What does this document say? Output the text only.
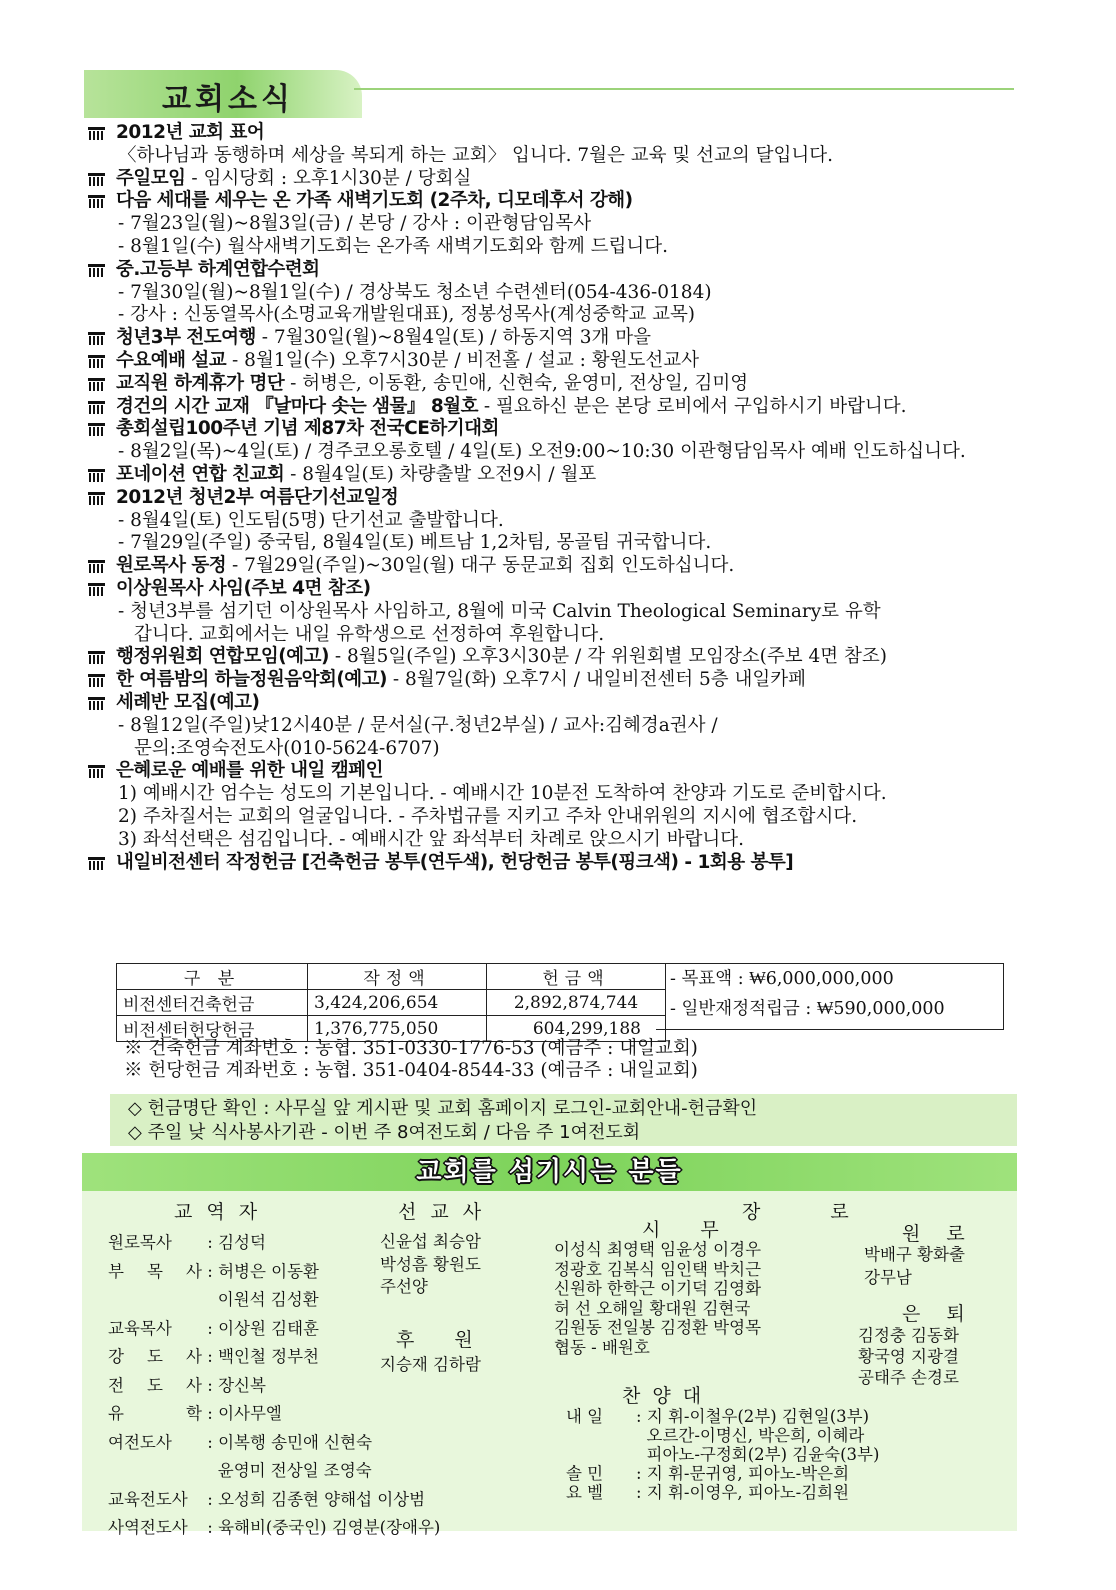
교회소식
2012년 교회 표어
〈하나님과 동행하며 세상을 복되게 하는 교회〉 입니다. 7월은 교육 및 선교의 달입니다.
주일모임 - 임시당회 : 오후1시30분 / 당회실
다음 세대를 세우는 온 가족 새벽기도회 (2주차, 디모데후서 강해)
- 7월23일(월)~8월3일(금) / 본당 / 강사 : 이관형담임목사
- 8월1일(수) 월삭새벽기도회는 온가족 새벽기도회와 함께 드립니다.
중.고등부 하계연합수련회
- 7월30일(월)~8월1일(수) / 경상북도 청소년 수련센터(054-436-0184)
- 강사 : 신동열목사(소명교육개발원대표), 정봉성목사(계성중학교 교목)
청년3부 전도여행 - 7월30일(월)~8월4일(토) / 하동지역 3개 마을
수요예배 설교 - 8월1일(수) 오후7시30분 / 비전홀 / 설교 : 황원도선교사
교직원 하계휴가 명단 - 허병은, 이동환, 송민애, 신현숙, 윤영미, 전상일, 김미영
경건의 시간 교재 『날마다 솟는 샘물』 8월호 - 필요하신 분은 본당 로비에서 구입하시기 바랍니다.
총회설립100주년 기념 제87차 전국CE하기대회
- 8월2일(목)~4일(토) / 경주코오롱호텔 / 4일(토) 오전9:00~10:30 이관형담임목사 예배 인도하십니다.
포네이션 연합 친교회 - 8월4일(토) 차량출발 오전9시 / 월포
2012년 청년2부 여름단기선교일정
- 8월4일(토) 인도팀(5명) 단기선교 출발합니다.
- 7월29일(주일) 중국팀, 8월4일(토) 베트남 1,2차팀, 몽골팀 귀국합니다.
원로목사 동정 - 7월29일(주일)~30일(월) 대구 동문교회 집회 인도하십니다.
이상원목사 사임(주보 4면 참조)
- 청년3부를 섬기던 이상원목사 사임하고, 8월에 미국 Calvin Theological Seminary로 유학
갑니다. 교회에서는 내일 유학생으로 선정하여 후원합니다.
행정위원회 연합모임(예고) - 8월5일(주일) 오후3시30분 / 각 위원회별 모임장소(주보 4면 참조)
한 여름밤의 하늘정원음악회(예고) - 8월7일(화) 오후7시 / 내일비전센터 5층 내일카페
세례반 모집(예고)
- 8월12일(주일)낮12시40분 / 문서실(구.청년2부실) / 교사:김혜경a권사 /
문의:조영숙전도사(010-5624-6707)
은혜로운 예배를 위한 내일 캠페인
1) 예배시간 엄수는 성도의 기본입니다. - 예배시간 10분전 도착하여 찬양과 기도로 준비합시다.
2) 주차질서는 교회의 얼굴입니다. - 주차법규를 지키고 주차 안내위원의 지시에 협조합시다.
3) 좌석선택은 섬김입니다. - 예배시간 앞 좌석부터 차례로 앉으시기 바랍니다.
내일비전센터 작정헌금 [건축헌금 봉투(연두색), 헌당헌금 봉투(핑크색) - 1회용 봉투]
구 분	작정액	헌금액
비전센터건축헌금	3,424,206,654	2,892,874,744
비전센터헌당헌금	1,376,775,050	604,299,188
- 목표액 : ₩6,000,000,000
- 일반재정적립금 : ₩590,000,000
※ 건축헌금 계좌번호 : 농협. 351-0330-1776-53 (예금주 : 내일교회)
※ 헌당헌금 계좌번호 : 농협. 351-0404-8544-33 (예금주 : 내일교회)
◇ 헌금명단 확인 : 사무실 앞 게시판 및 교회 홈페이지 로그인-교회안내-헌금확인
◇ 주일 낮 식사봉사기관 - 이번 주 8여전도회 / 다음 주 1여전도회
교회를 섬기시는 분들
교역자
원로목사 : 김성덕
부 목 사 : 허병은 이동환
이원석 김성환
교육목사 : 이상원 김태훈
강 도 사 : 백인철 정부천
전 도 사 : 장신복
유 학 : 이사무엘
여전도사 : 이복행 송민애 신현숙
윤영미 전상일 조영숙
교육전도사 : 오성희 김종현 양해섭 이상범
사역전도사 : 육해비(중국인) 김영분(장애우)
선교사
신윤섭 최승암
박성흠 황원도
주선양
후원
지승재 김하람
장로
시무
이성식 최영택 임윤성 이경우
정광호 김복식 임인택 박치근
신원하 한학근 이기덕 김영화
허 선 오해일 황대원 김현국
김원동 전일봉 김정환 박영목
협동 - 배원호
원로
박배구 황화출
강무남
은퇴
김정충 김동화
황국영 지광결
공태주 손경로
찬양대
내 일 : 지 휘-이철우(2부) 김현일(3부)
오르간-이명신, 박은희, 이혜라
피아노-구정회(2부) 김윤숙(3부)
솔 민 : 지 휘-문귀영, 피아노-박은희
요 벨 : 지 휘-이영우, 피아노-김희원
